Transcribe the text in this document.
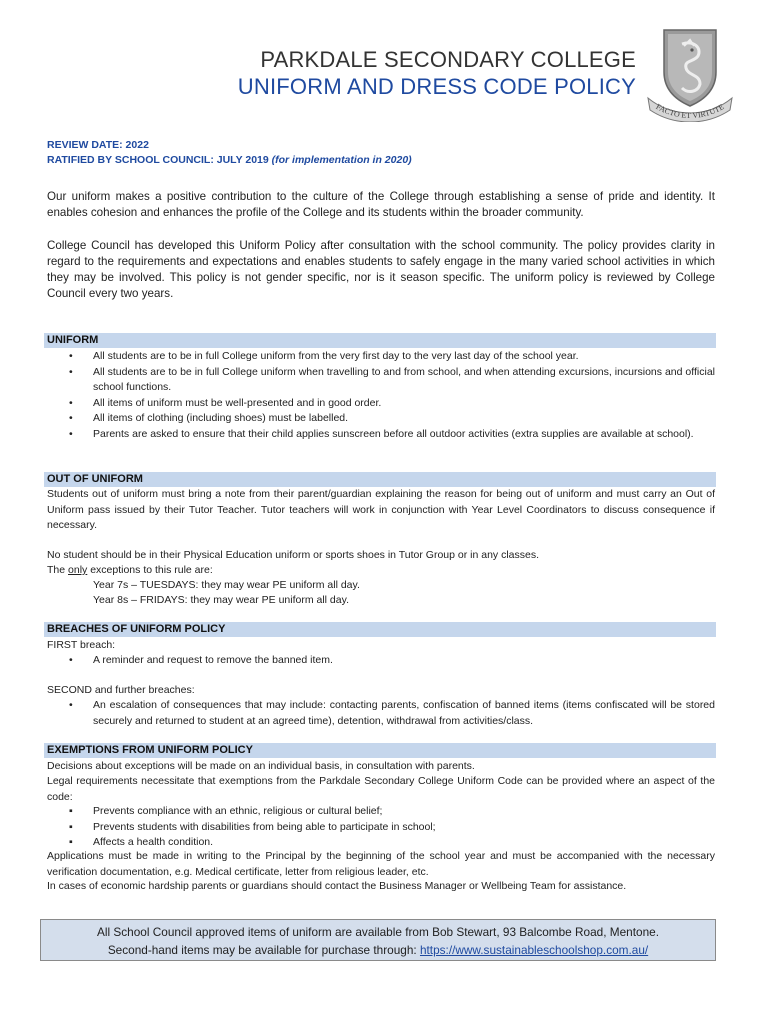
PARKDALE SECONDARY COLLEGE
UNIFORM AND DRESS CODE POLICY
FACTO ET VIRTUTE
REVIEW DATE: 2022
RATIFIED BY SCHOOL COUNCIL: JULY 2019 (for implementation in 2020)
Our uniform makes a positive contribution to the culture of the College through establishing a sense of pride and identity. It enables cohesion and enhances the profile of the College and its students within the broader community.
College Council has developed this Uniform Policy after consultation with the school community. The policy provides clarity in regard to the requirements and expectations and enables students to safely engage in the many varied school activities in which they may be involved. This policy is not gender specific, nor is it season specific. The uniform policy is reviewed by College Council every two years.
UNIFORM
• All students are to be in full College uniform from the very first day to the very last day of the school year.
• All students are to be in full College uniform when travelling to and from school, and when attending excursions, incursions and official school functions.
• All items of uniform must be well-presented and in good order.
• All items of clothing (including shoes) must be labelled.
• Parents are asked to ensure that their child applies sunscreen before all outdoor activities (extra supplies are available at school).
OUT OF UNIFORM
Students out of uniform must bring a note from their parent/guardian explaining the reason for being out of uniform and must carry an Out of Uniform pass issued by their Tutor Teacher. Tutor teachers will work in conjunction with Year Level Coordinators to discuss consequence if necessary.
No student should be in their Physical Education uniform or sports shoes in Tutor Group or in any classes.
The only exceptions to this rule are:
Year 7s – TUESDAYS: they may wear PE uniform all day.
Year 8s – FRIDAYS: they may wear PE uniform all day.
BREACHES OF UNIFORM POLICY
FIRST breach:
• A reminder and request to remove the banned item.
SECOND and further breaches:
• An escalation of consequences that may include: contacting parents, confiscation of banned items (items confiscated will be stored securely and returned to student at an agreed time), detention, withdrawal from activities/class.
EXEMPTIONS FROM UNIFORM POLICY
Decisions about exceptions will be made on an individual basis, in consultation with parents.
Legal requirements necessitate that exemptions from the Parkdale Secondary College Uniform Code can be provided where an aspect of the code:
▪ Prevents compliance with an ethnic, religious or cultural belief;
▪ Prevents students with disabilities from being able to participate in school;
▪ Affects a health condition.
Applications must be made in writing to the Principal by the beginning of the school year and must be accompanied with the necessary verification documentation, e.g. Medical certificate, letter from religious leader, etc.
In cases of economic hardship parents or guardians should contact the Business Manager or Wellbeing Team for assistance.
All School Council approved items of uniform are available from Bob Stewart, 93 Balcombe Road, Mentone.
Second-hand items may be available for purchase through: https://www.sustainableschoolshop.com.au/
